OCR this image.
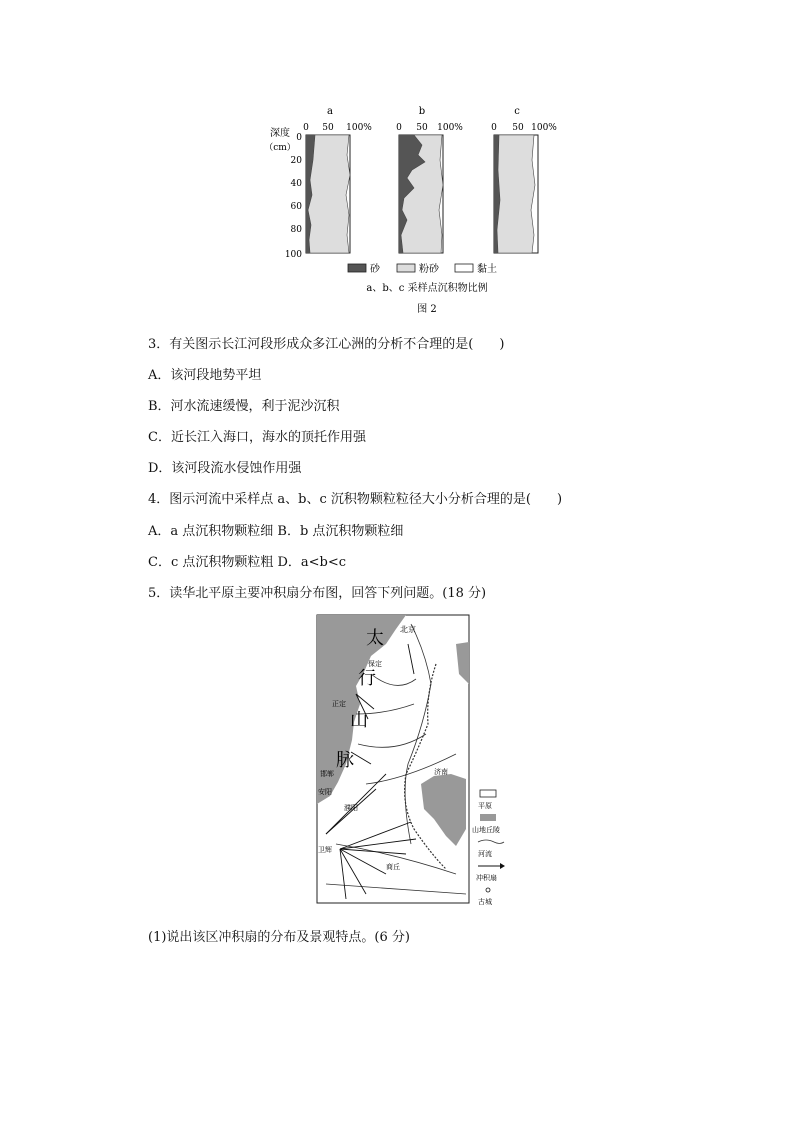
a	b	c
0 50 100%	0 50 100%	0 50 100%
深度
（cm）
0
20
40
60
80
100
砂	粉砂	黏土
a、b、c 采样点沉积物比例
图 2
3．有关图示长江河段形成众多江心洲的分析不合理的是(　　)
A．该河段地势平坦
B．河水流速缓慢，利于泥沙沉积
C．近长江入海口，海水的顶托作用强
D．该河段流水侵蚀作用强
4．图示河流中采样点 a、b、c 沉积物颗粒粒径大小分析合理的是(　　)
A．a 点沉积物颗粒细 B．b 点沉积物颗粒细
C．c 点沉积物颗粒粗 D．a<b<c
5．读华北平原主要冲积扇分布图，回答下列问题。(18 分)
(1)说出该区冲积扇的分布及景观特点。(6 分)
太
行
山
脉
北京
保定
正定
邯郸
安阳
濮阳
济南
卫辉
商丘
平原
山地丘陵
河流
冲积扇
古城
